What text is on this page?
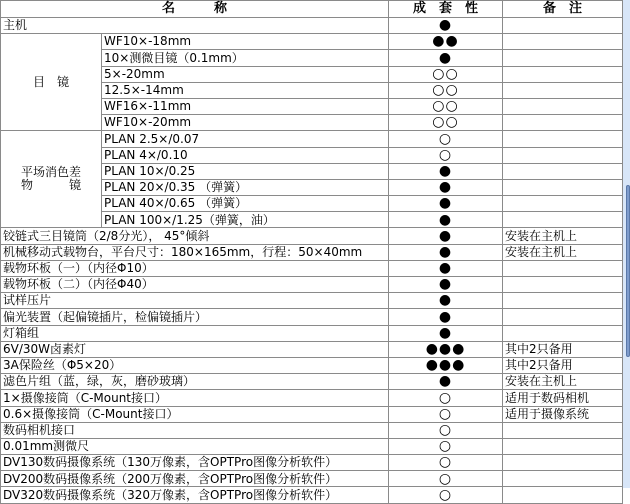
名　　　称		成　套　性	备　注
主机		●	
目　镜	WF10×-18mm	●●	
	10×测微目镜（0.1mm）	●	
	5×-20mm	○○	
	12.5×-14mm	○○	
	WF16×-11mm	○○	
	WF10×-20mm	○○	

平场消色差
物　　　镜	PLAN 2.5×/0.07	○	
	PLAN 4×/0.10	○	
	PLAN 10×/0.25	●	
	PLAN 20×/0.35 （弹簧）	●	
	PLAN 40×/0.65 （弹簧）	●	
	PLAN 100×/1.25（弹簧，油）	●	
铰链式三目镜筒（2/8分光）， 45°倾斜		●	安装在主机上
机械移动式载物台，平台尺寸：180×165mm，行程：50×40mm		●	安装在主机上
载物环板（一）（内径Φ10）		●	
载物环板（二）（内径Φ40）		●	
试样压片		●	
偏光装置（起偏镜插片，检偏镜插片）		●	
灯箱组		●	
6V/30W卤素灯		●●●	其中2只备用
3A保险丝（Φ5×20）		●●●	其中2只备用
滤色片组（蓝，绿，灰，磨砂玻璃）		●	安装在主机上
1×摄像接筒（C-Mount接口）		○	适用于数码相机
0.6×摄像接筒（C-Mount接口）		○	适用于摄像系统
数码相机接口		○	
0.01mm测微尺		○	
DV130数码摄像系统（130万像素，含OPTPro图像分析软件）		○	
DV200数码摄像系统（200万像素，含OPTPro图像分析软件）		○	
DV320数码摄像系统（320万像素，含OPTPro图像分析软件）		○	
